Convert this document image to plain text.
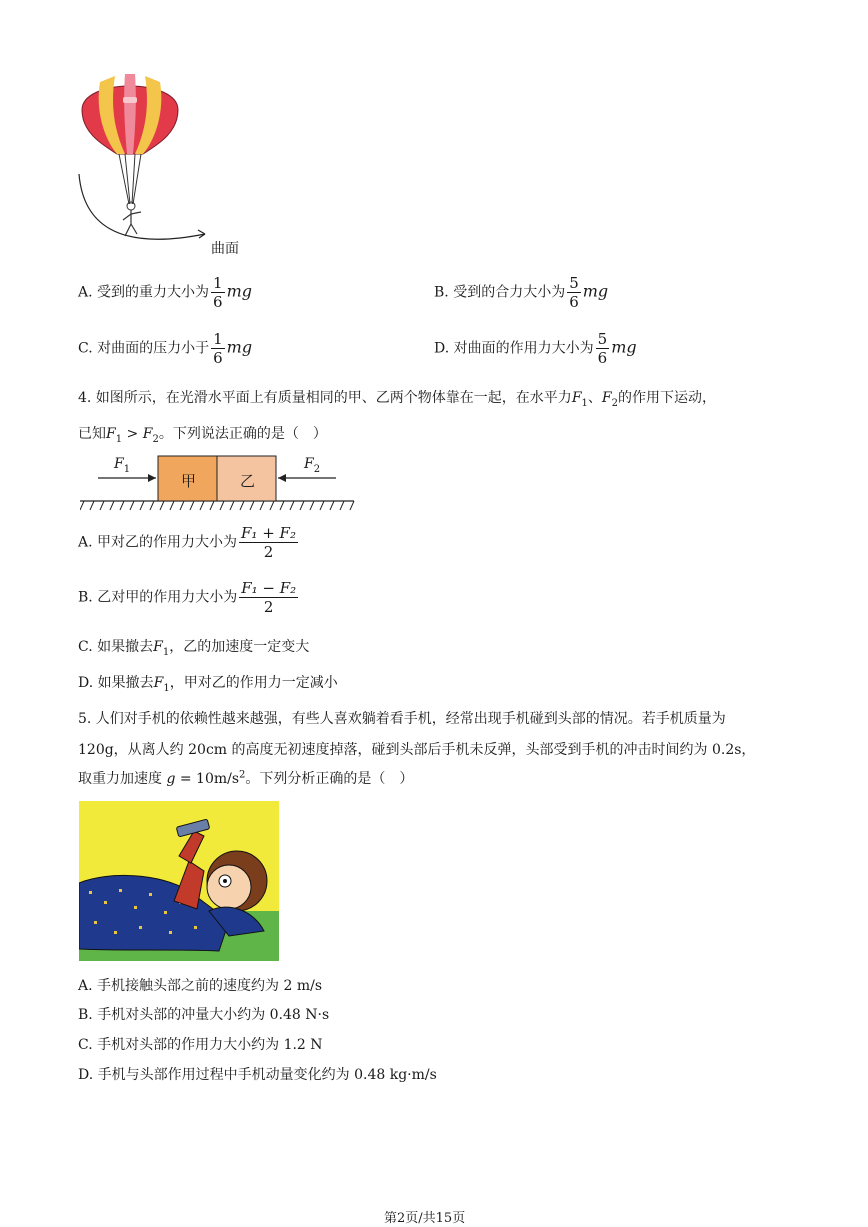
曲面
A. 受到的重力大小为 $\frac{1}{6}$ mg	B. 受到的合力大小为 $\frac{5}{6}$ mg
C. 对曲面的压力小于 $\frac{1}{6}$ mg	D. 对曲面的作用力大小为 $\frac{5}{6}$ mg
4. 如图所示，在光滑水平面上有质量相同的甲、乙两个物体靠在一起，在水平力$F_1$、$F_2$的作用下运动，
已知$F_1 > F_2$。下列说法正确的是（　）
甲	乙
$F_1$	$F_2$
A. 甲对乙的作用力大小为 $\frac{\text{F₁ + F₂}}{2}$
B. 乙对甲的作用力大小为 $\frac{\text{F₁ − F₂}}{2}$
C. 如果撤去$F_1$，乙的加速度一定变大
D. 如果撤去$F_1$，甲对乙的作用力一定减小
5. 人们对手机的依赖性越来越强，有些人喜欢躺着看手机，经常出现手机碰到头部的情况。若手机质量为
120g，从离人约 20cm 的高度无初速度掉落，碰到头部后手机未反弹，头部受到手机的冲击时间约为 0.2s，
取重力加速度 $g = 10m/s^2$。下列分析正确的是（　）
A. 手机接触头部之前的速度约为 2 m/s
B. 手机对头部的冲量大小约为 0.48 N·s
C. 手机对头部的作用力大小约为 1.2 N
D. 手机与头部作用过程中手机动量变化约为 0.48 kg·m/s
第2页/共15页
